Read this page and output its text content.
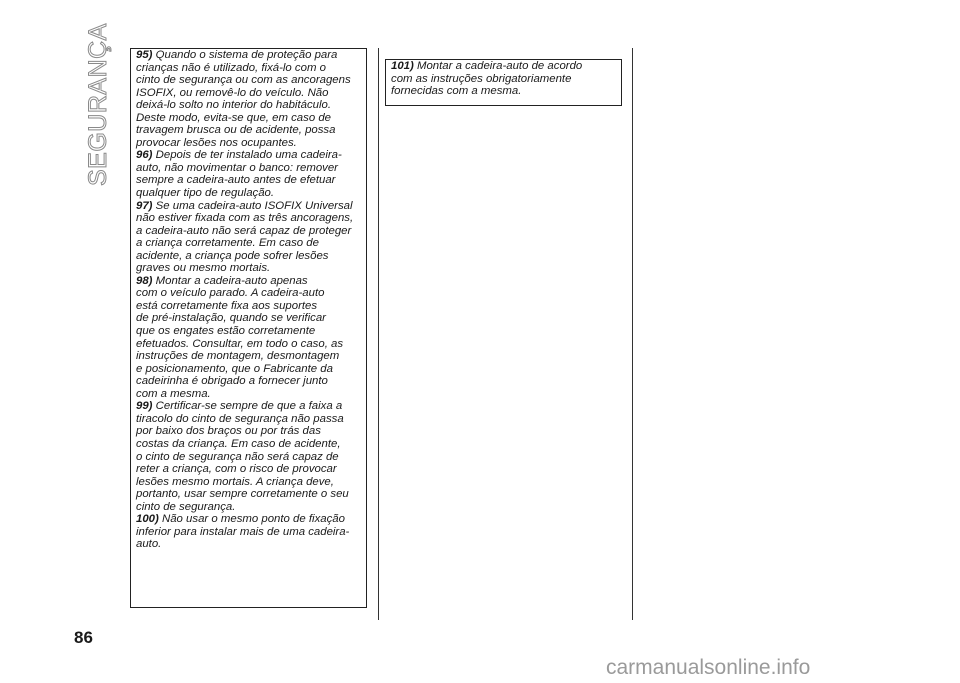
SEGURANÇA 95) Quando o sistema de proteção para
crianças não é utilizado, fixá-lo com o
cinto de segurança ou com as ancoragens
ISOFIX, ou removê-lo do veículo. Não
deixá-lo solto no interior do habitáculo.
Deste modo, evita-se que, em caso de
travagem brusca ou de acidente, possa
provocar lesões nos ocupantes.

96) Depois de ter instalado uma cadeira-
auto, não movimentar o banco: remover
sempre a cadeira-auto antes de efetuar
qualquer tipo de regulação.

97) Se uma cadeira-auto ISOFIX Universal
não estiver fixada com as três ancoragens,
a cadeira-auto não será capaz de proteger
a criança corretamente. Em caso de
acidente, a criança pode sofrer lesões
graves ou mesmo mortais.

98) Montar a cadeira-auto apenas
com o veículo parado. A cadeira-auto
está corretamente fixa aos suportes
de pré-instalação, quando se verificar
que os engates estão corretamente
efetuados. Consultar, em todo o caso, as
instruções de montagem, desmontagem
e posicionamento, que o Fabricante da
cadeirinha é obrigado a fornecer junto
com a mesma.

99) Certificar-se sempre de que a faixa a
tiracolo do cinto de segurança não passa
por baixo dos braços ou por trás das
costas da criança. Em caso de acidente,
o cinto de segurança não será capaz de
reter a criança, com o risco de provocar
lesões mesmo mortais. A criança deve,
portanto, usar sempre corretamente o seu
cinto de segurança.

100) Não usar o mesmo ponto de fixação
inferior para instalar mais de uma cadeira-
auto.

101) Montar a cadeira-auto de acordo
com as instruções obrigatoriamente
fornecidas com a mesma.

86
carmanualsonline.info
